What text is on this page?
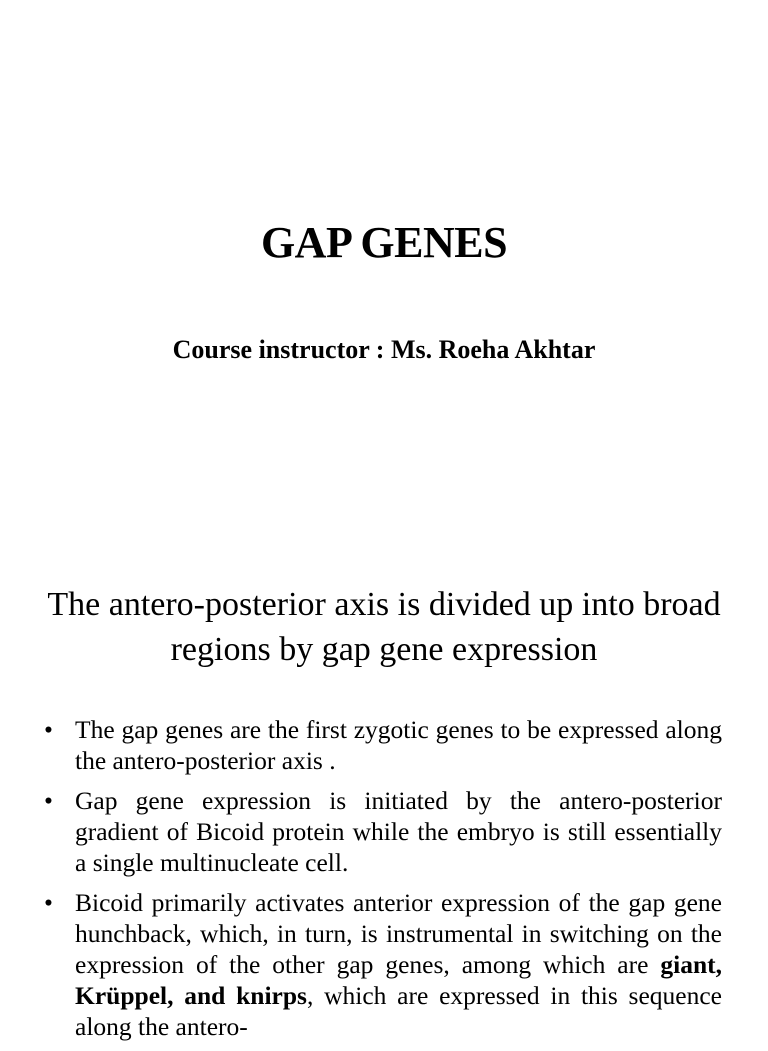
GAP GENES
Course instructor : Ms. Roeha Akhtar
The antero-posterior axis is divided up into broad regions by gap gene expression
• The gap genes are the first zygotic genes to be expressed along the antero-posterior axis .
• Gap gene expression is initiated by the antero-posterior gradient of Bicoid protein while the embryo is still essentially a single multinucleate cell.
• Bicoid primarily activates anterior expression of the gap gene hunchback, which, in turn, is instrumental in switching on the expression of the other gap genes, among which are giant, Krüppel, and knirps, which are expressed in this sequence along the antero-
